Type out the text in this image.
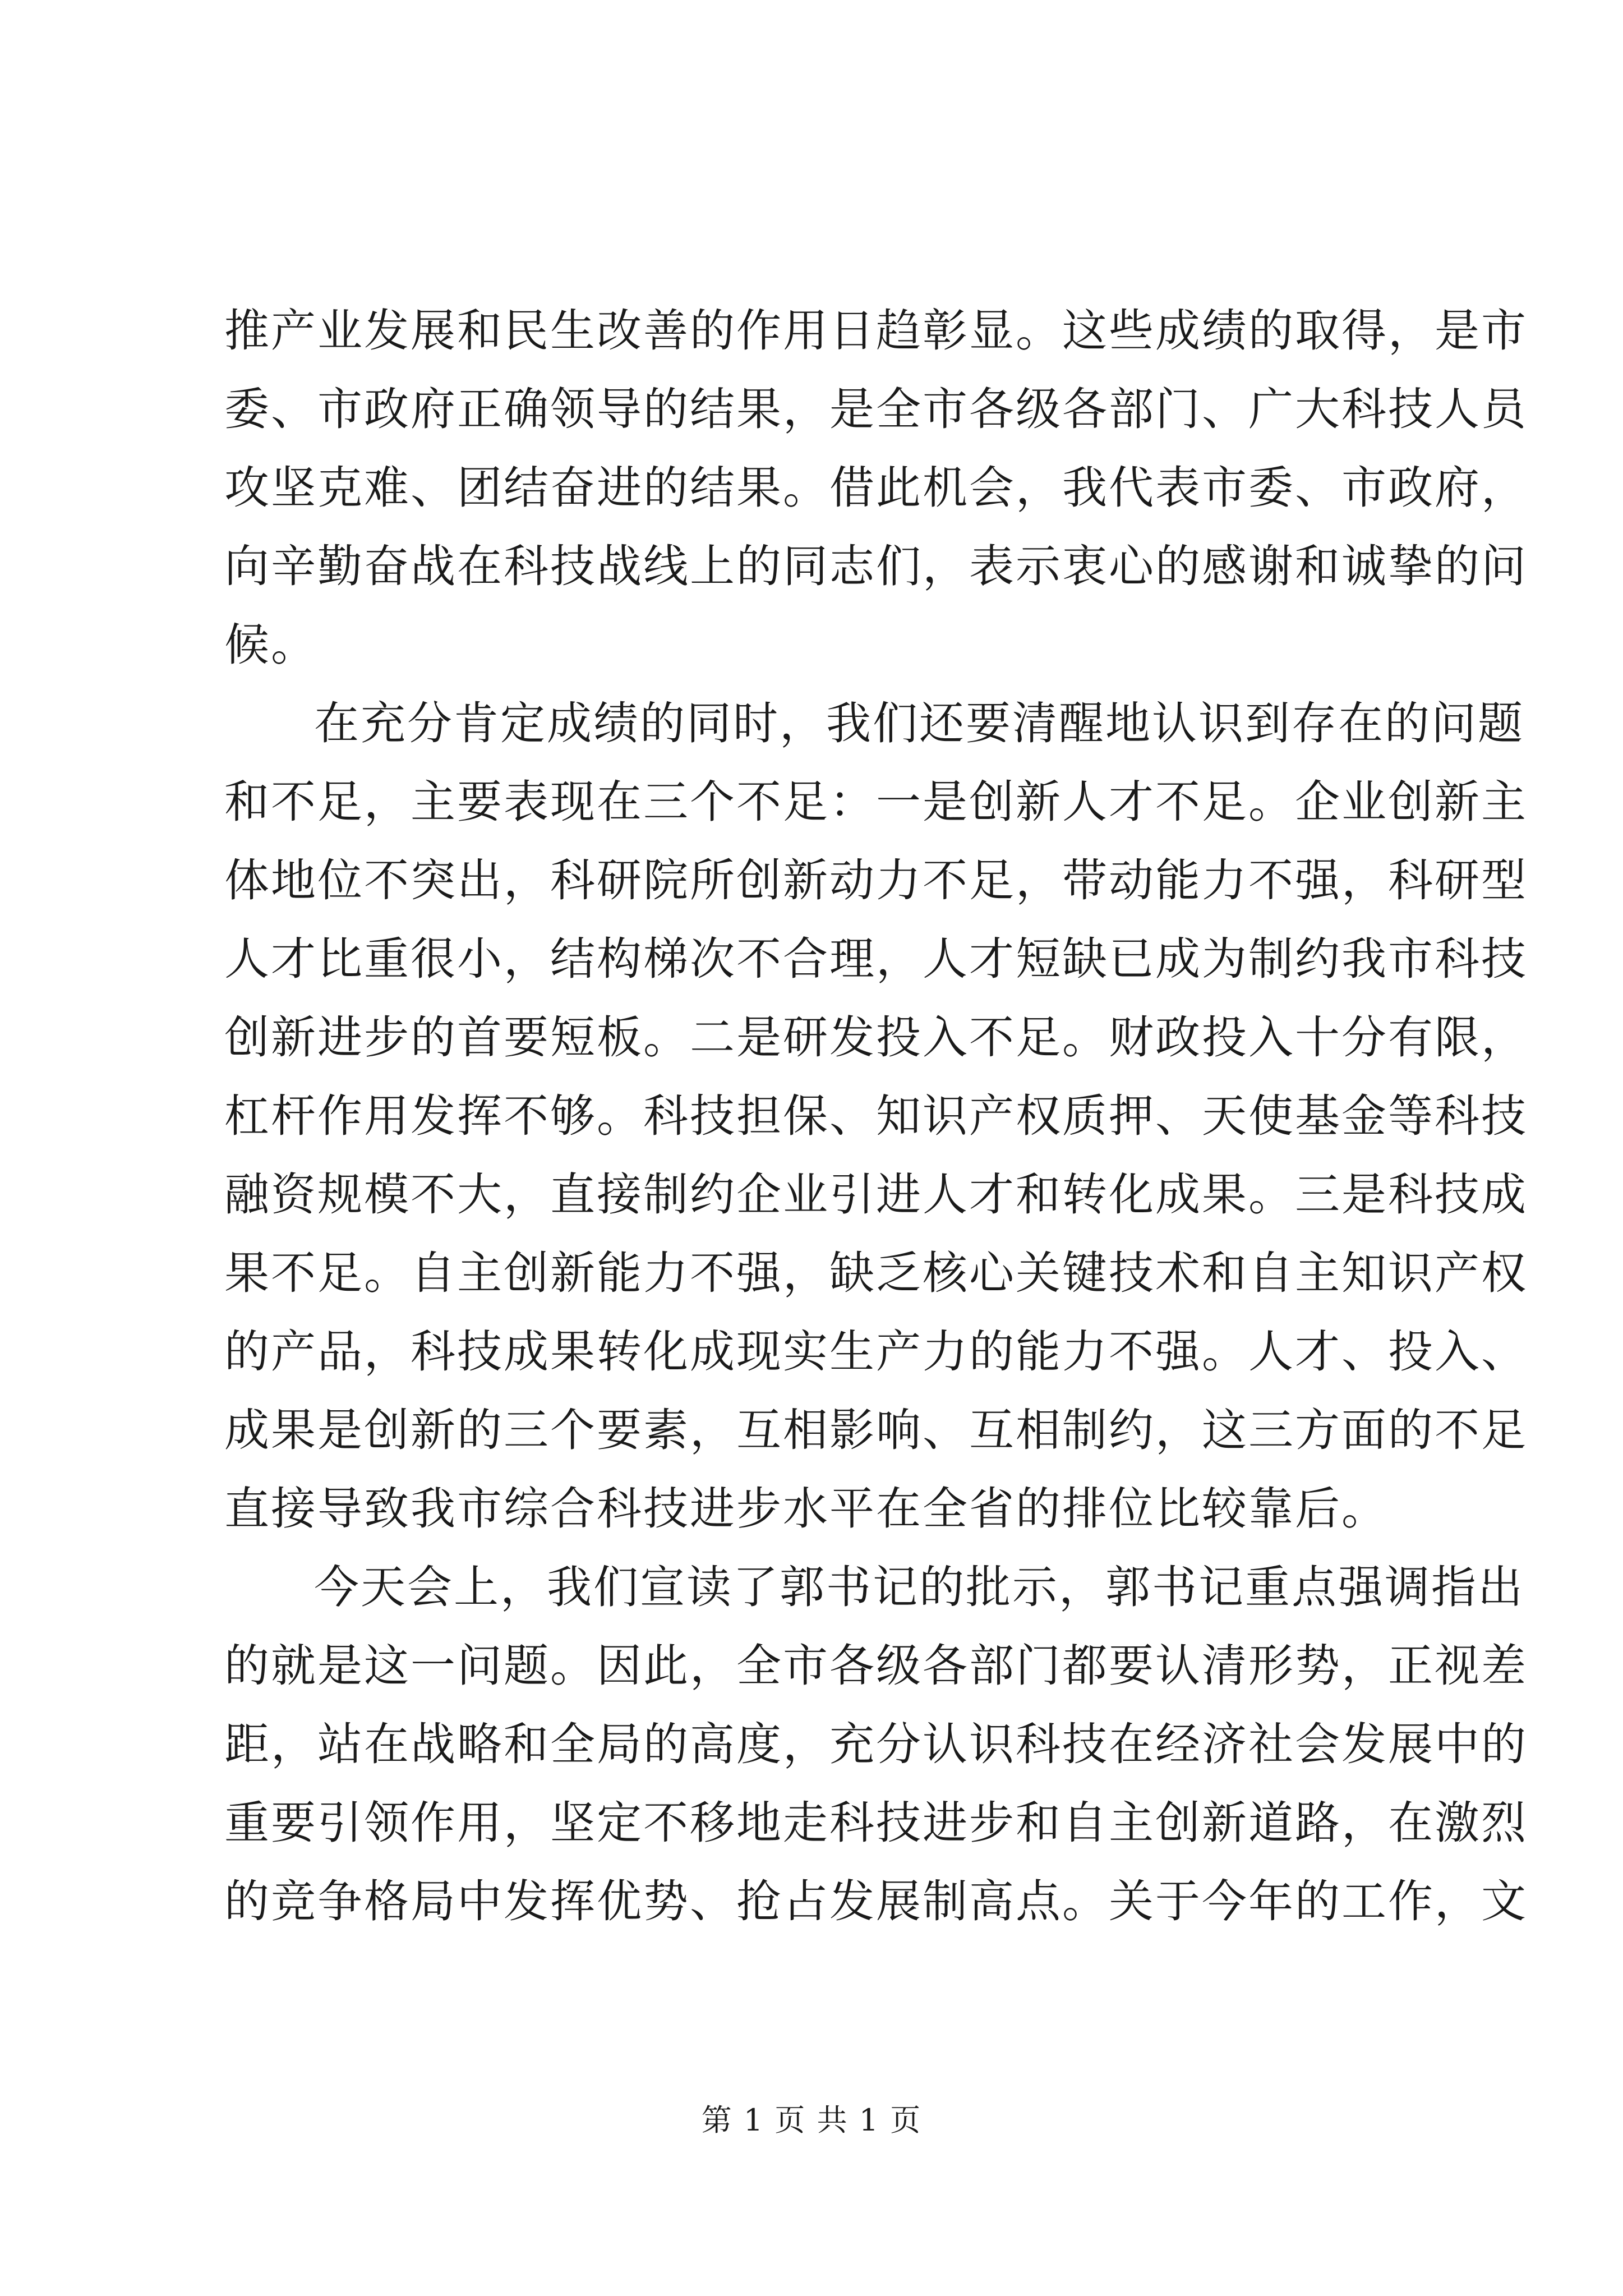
推产业发展和民生改善的作用日趋彰显。这些成绩的取得，是市
委、市政府正确领导的结果，是全市各级各部门、广大科技人员
攻坚克难、团结奋进的结果。借此机会，我代表市委、市政府，
向辛勤奋战在科技战线上的同志们，表示衷心的感谢和诚挚的问
候。
在充分肯定成绩的同时，我们还要清醒地认识到存在的问题
和不足，主要表现在三个不足：一是创新人才不足。企业创新主
体地位不突出，科研院所创新动力不足，带动能力不强，科研型
人才比重很小，结构梯次不合理，人才短缺已成为制约我市科技
创新进步的首要短板。二是研发投入不足。财政投入十分有限，
杠杆作用发挥不够。科技担保、知识产权质押、天使基金等科技
融资规模不大，直接制约企业引进人才和转化成果。三是科技成
果不足。自主创新能力不强，缺乏核心关键技术和自主知识产权
的产品，科技成果转化成现实生产力的能力不强。人才、投入、
成果是创新的三个要素，互相影响、互相制约，这三方面的不足
直接导致我市综合科技进步水平在全省的排位比较靠后。
今天会上，我们宣读了郭书记的批示，郭书记重点强调指出
的就是这一问题。因此，全市各级各部门都要认清形势，正视差
距，站在战略和全局的高度，充分认识科技在经济社会发展中的
重要引领作用，坚定不移地走科技进步和自主创新道路，在激烈
的竞争格局中发挥优势、抢占发展制高点。关于今年的工作，文
第 1 页 共 1 页
